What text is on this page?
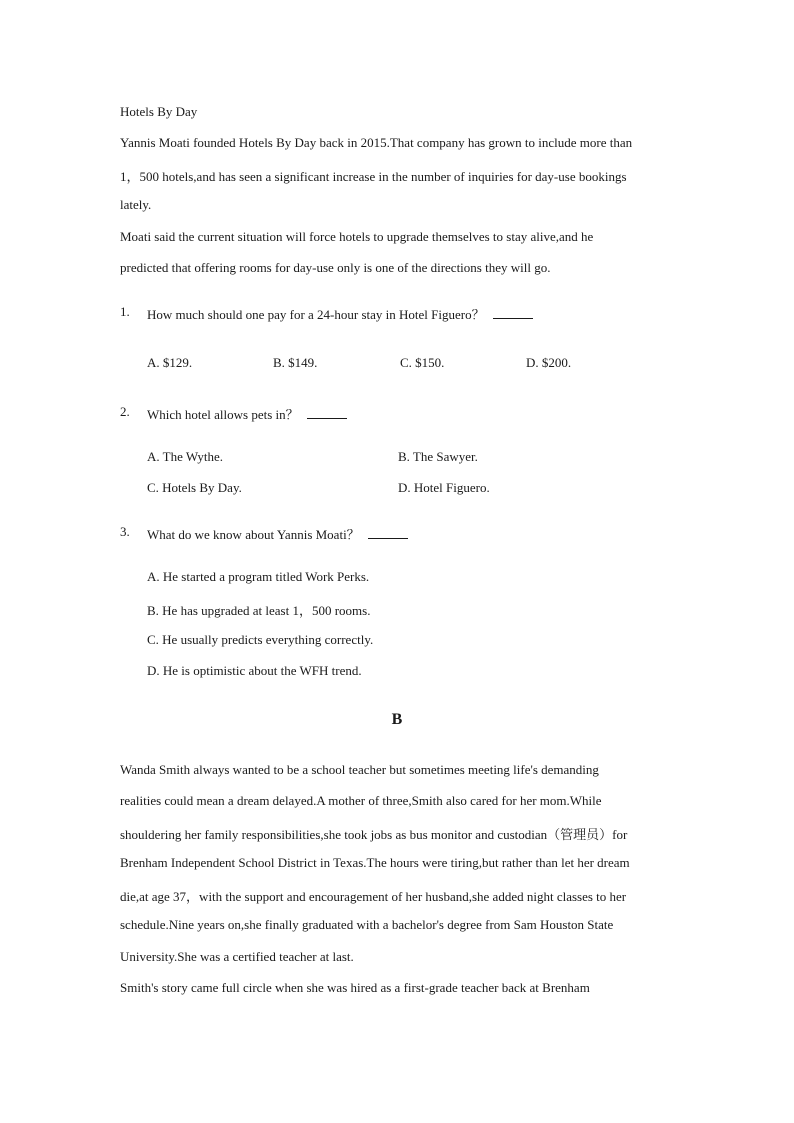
Hotels By Day
Yannis Moati founded Hotels By Day back in 2015.That company has grown to include more than
1，500 hotels,and has seen a significant increase in the number of inquiries for day-use bookings
lately.
Moati said the current situation will force hotels to upgrade themselves to stay alive,and he
predicted that offering rooms for day-use only is one of the directions they will go.
1. How much should one pay for a 24-hour stay in Hotel Figuero？
A. $129.	B. $149.	C. $150.	D. $200.
2. Which hotel allows pets in？
A. The Wythe.	B. The Sawyer.
C. Hotels By Day.	D. Hotel Figuero.
3. What do we know about Yannis Moati？
A. He started a program titled Work Perks.
B. He has upgraded at least 1，500 rooms.
C. He usually predicts everything correctly.
D. He is optimistic about the WFH trend.
B
Wanda Smith always wanted to be a school teacher but sometimes meeting life's demanding
realities could mean a dream delayed.A mother of three,Smith also cared for her mom.While
shouldering her family responsibilities,she took jobs as bus monitor and custodian（管理员）for
Brenham Independent School District in Texas.The hours were tiring,but rather than let her dream
die,at age 37，with the support and encouragement of her husband,she added night classes to her
schedule.Nine years on,she finally graduated with a bachelor's degree from Sam Houston State
University.She was a certified teacher at last.
Smith's story came full circle when she was hired as a first-grade teacher back at Brenham
